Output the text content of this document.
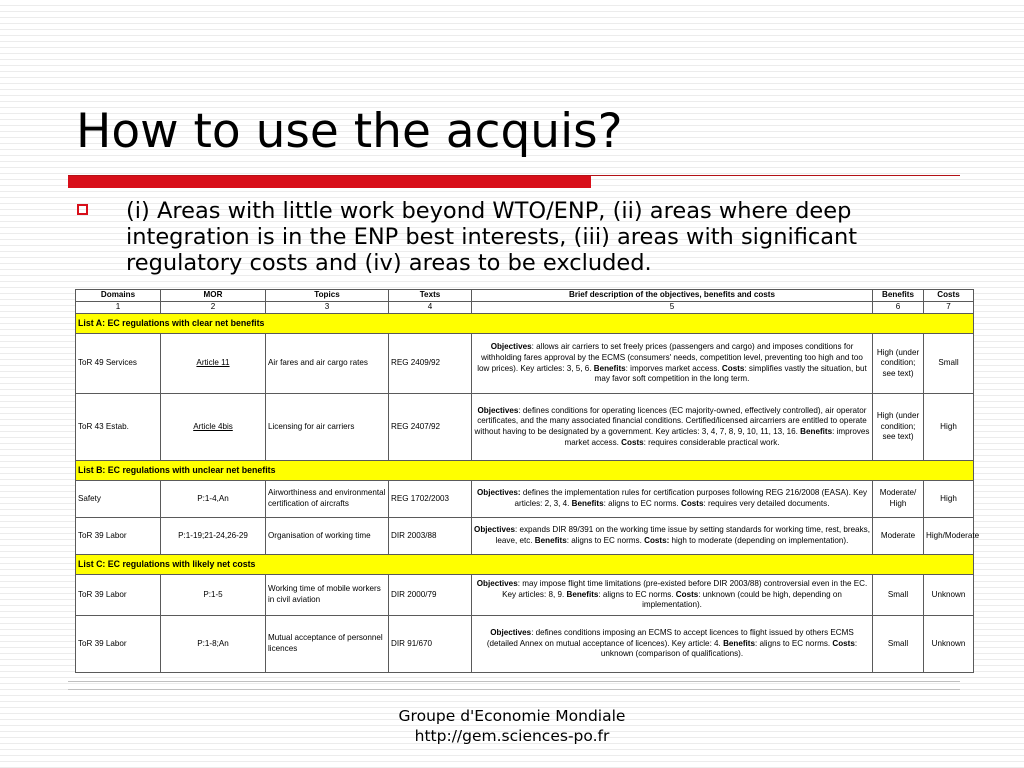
How to use the acquis?

(i) Areas with little work beyond WTO/ENP, (ii) areas where deep integration is in the ENP best interests, (iii) areas with significant regulatory costs and (iv) areas to be excluded.

Domains	MOR	Topics	Texts	Brief description of the objectives, benefits and costs	Benefits	Costs
1	2	3	4	5	6	7
List A: EC regulations with clear net benefits						
ToR 49 Services	Article 11	Air fares and air cargo rates	REG 2409/92	Objectives: allows air carriers to set freely prices (passengers and cargo) and imposes conditions for withholding fares approval by the ECMS (consumers' needs, competition level, preventing too high and too low prices). Key articles: 3, 5, 6. Benefits: imporves market access. Costs: simplifies vastly the situation, but may favor soft competition in the long term.	High (under condition; see text)	Small
ToR 43 Estab.	Article 4bis	Licensing for air carriers	REG 2407/92	Objectives: defines conditions for operating licences (EC majority-owned, effectively controlled), air operator certificates, and the many associated financial conditions. Certified/licensed aircarriers are entitled to operate without having to be designated by a government. Key articles: 3, 4, 7, 8, 9, 10, 11, 13, 16. Benefits: improves market access. Costs: requires considerable practical work.	High (under condition; see text)	High
List B: EC regulations with unclear net benefits						
Safety	P:1-4,An	Airworthiness and environmental certification of aircrafts	REG 1702/2003	Objectives: defines the implementation rules for certification purposes following REG 216/2008 (EASA). Key articles: 2, 3, 4. Benefits: aligns to EC norms. Costs: requires very detailed documents.	Moderate/ High	High
ToR 39 Labor	P:1-19;21-24,26-29	Organisation of working time	DIR 2003/88	Objectives: expands DIR 89/391 on the working time issue by setting standards for working time, rest, breaks, leave, etc. Benefits: aligns to EC norms. Costs: high to moderate (depending on implementation).	Moderate	High/Moderate
List C: EC regulations with likely net costs						
ToR 39 Labor	P:1-5	Working time of mobile workers in civil aviation	DIR 2000/79	Objectives: may impose flight time limitations (pre-existed before DIR 2003/88) controversial even in the EC. Key articles: 8, 9. Benefits: aligns to EC norms. Costs: unknown (could be high, depending on implementation).	Small	Unknown
ToR 39 Labor	P:1-8;An	Mutual acceptance of personnel licences	DIR 91/670	Objectives: defines conditions imposing an ECMS to accept licences to flight issued by others ECMS (detailed Annex on mutual acceptance of licences). Key article: 4. Benefits: aligns to EC norms. Costs: unknown (comparison of qualifications).	Small	Unknown
Groupe d'Economie Mondiale
http://gem.sciences-po.fr
